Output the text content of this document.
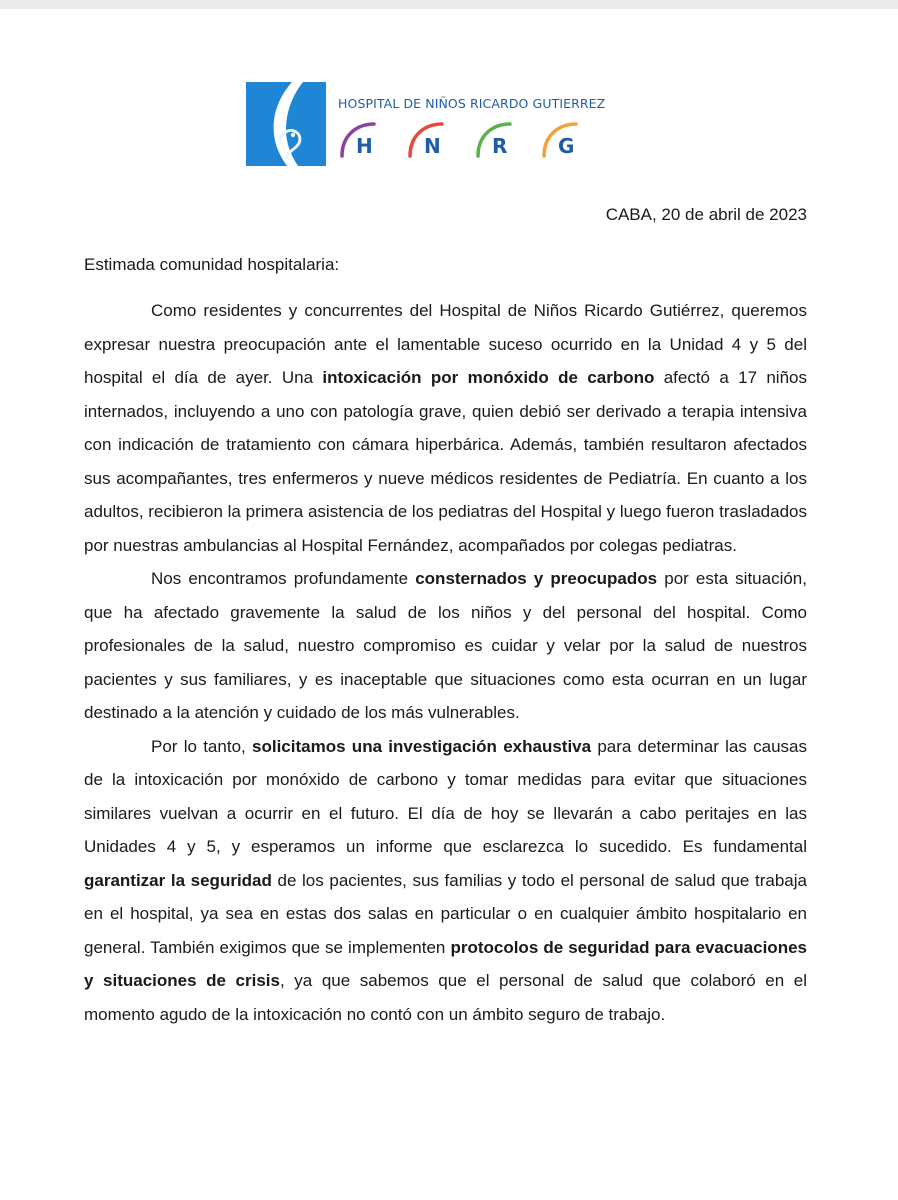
HOSPITAL DE NIÑOS RICARDO GUTIERREZ
H	N	R	G
CABA, 20 de abril de 2023
Estimada comunidad hospitalaria:

Como residentes y concurrentes del Hospital de Niños Ricardo Gutiérrez, queremos expresar nuestra preocupación ante el lamentable suceso ocurrido en la Unidad 4 y 5 del hospital el día de ayer. Una intoxicación por monóxido de carbono afectó a 17 niños internados, incluyendo a uno con patología grave, quien debió ser derivado a terapia intensiva con indicación de tratamiento con cámara hiperbárica. Además, también resultaron afectados sus acompañantes, tres enfermeros y nueve médicos residentes de Pediatría. En cuanto a los adultos, recibieron la primera asistencia de los pediatras del Hospital y luego fueron trasladados por nuestras ambulancias al Hospital Fernández, acompañados por colegas pediatras.

Nos encontramos profundamente consternados y preocupados por esta situación, que ha afectado gravemente la salud de los niños y del personal del hospital. Como profesionales de la salud, nuestro compromiso es cuidar y velar por la salud de nuestros pacientes y sus familiares, y es inaceptable que situaciones como esta ocurran en un lugar destinado a la atención y cuidado de los más vulnerables.

Por lo tanto, solicitamos una investigación exhaustiva para determinar las causas de la intoxicación por monóxido de carbono y tomar medidas para evitar que situaciones similares vuelvan a ocurrir en el futuro. El día de hoy se llevarán a cabo peritajes en las Unidades 4 y 5, y esperamos un informe que esclarezca lo sucedido. Es fundamental garantizar la seguridad de los pacientes, sus familias y todo el personal de salud que trabaja en el hospital, ya sea en estas dos salas en particular o en cualquier ámbito hospitalario en general. También exigimos que se implementen protocolos de seguridad para evacuaciones y situaciones de crisis, ya que sabemos que el personal de salud que colaboró en el momento agudo de la intoxicación no contó con un ámbito seguro de trabajo.
